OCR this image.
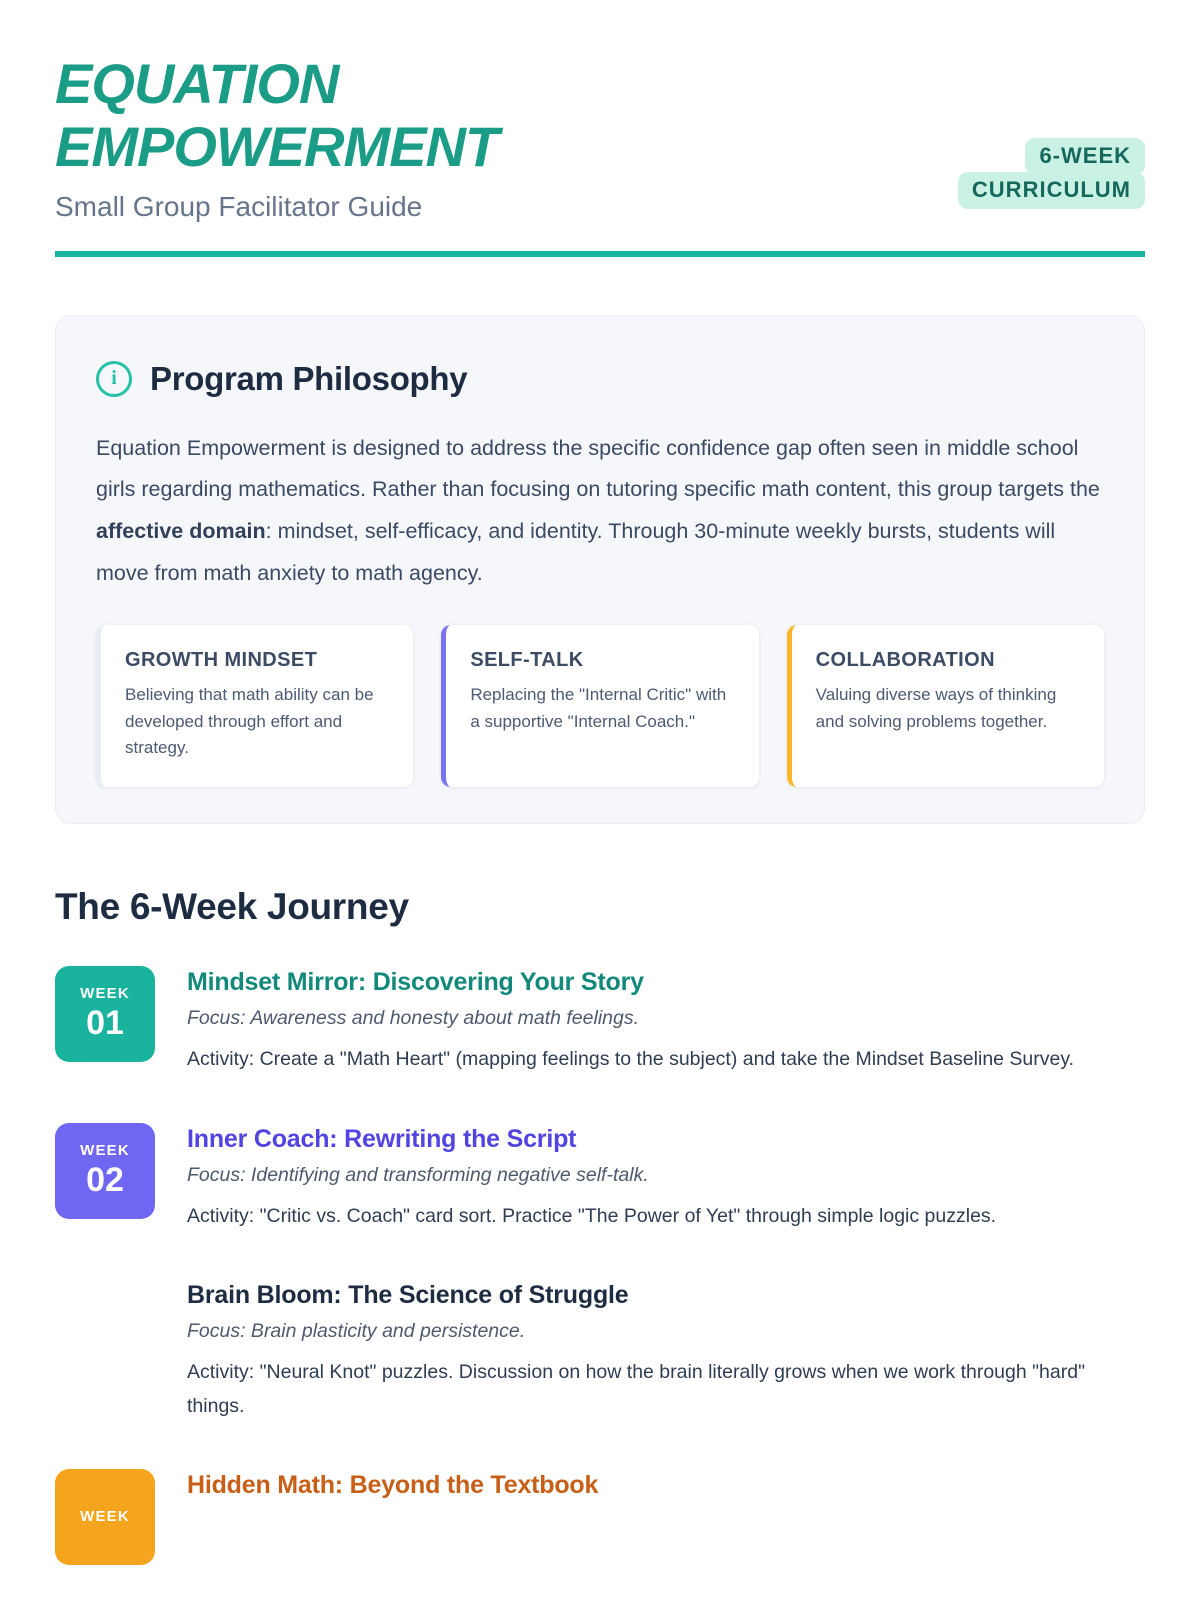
EQUATION
EMPOWERMENT
Small Group Facilitator Guide
6-WEEK
CURRICULUM
i	Program Philosophy

Equation Empowerment is designed to address the specific confidence gap often seen in middle school girls regarding mathematics. Rather than focusing on tutoring specific math content, this group targets the affective domain: mindset, self-efficacy, and identity. Through 30-minute weekly bursts, students will move from math anxiety to math agency.

GROWTH MINDSET
Believing that math ability can be developed through effort and strategy.
SELF-TALK
Replacing the "Internal Critic" with a supportive "Internal Coach."
COLLABORATION
Valuing diverse ways of thinking and solving problems together.
The 6-Week Journey
WEEK
01
Mindset Mirror: Discovering Your Story
Focus: Awareness and honesty about math feelings.
Activity: Create a "Math Heart" (mapping feelings to the subject) and take the Mindset Baseline Survey.
WEEK
02
Inner Coach: Rewriting the Script
Focus: Identifying and transforming negative self-talk.
Activity: "Critic vs. Coach" card sort. Practice "The Power of Yet" through simple logic puzzles.
Brain Bloom: The Science of Struggle
Focus: Brain plasticity and persistence.
Activity: "Neural Knot" puzzles. Discussion on how the brain literally grows when we work through "hard" things.
WEEK
Hidden Math: Beyond the Textbook
